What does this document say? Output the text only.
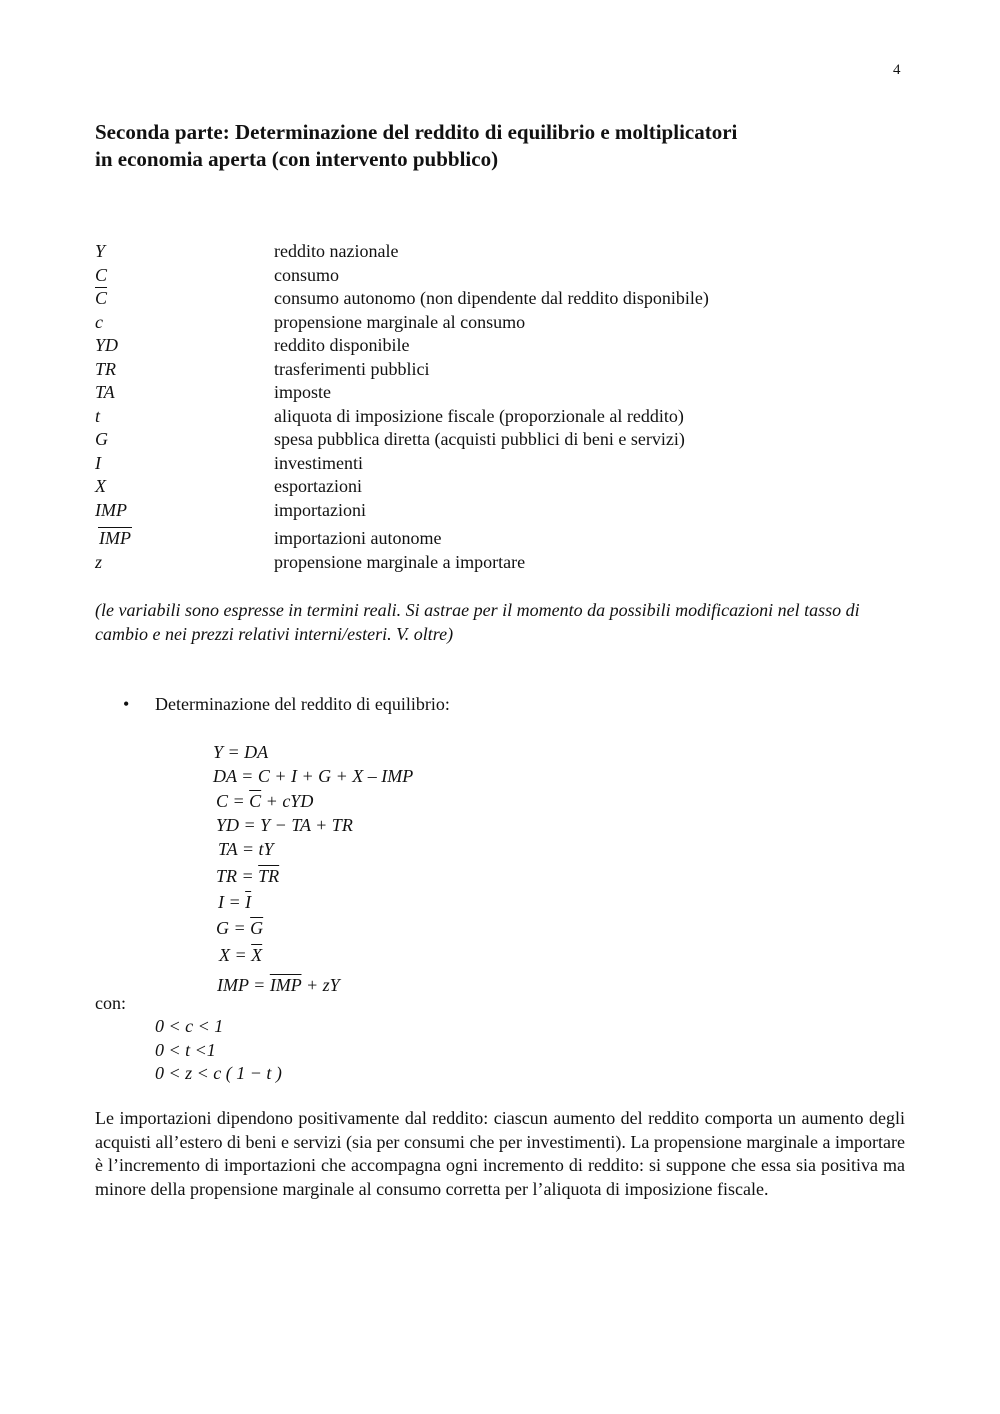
4
Seconda parte: Determinazione del reddito di equilibrio e moltiplicatori
in economia aperta (con intervento pubblico)
Y	reddito nazionale
C	consumo
$\overline{C}$	consumo autonomo (non dipendente dal reddito disponibile)
c	propensione marginale al consumo
YD	reddito disponibile
TR	trasferimenti pubblici
TA	imposte
t	aliquota di imposizione fiscale (proporzionale al reddito)
G	spesa pubblica diretta (acquisti pubblici di beni e servizi)
I	investimenti
X	esportazioni
IMP	importazioni
IMP	importazioni autonome
z	propensione marginale a importare

(le variabili sono espresse in termini reali. Si astrae per il momento da possibili modificazioni nel tasso di cambio e nei prezzi relativi interni/esteri. V. oltre)

• Determinazione del reddito di equilibrio:
Y = DA
DA = C + I + G + X – IMP
$C = \overline{C}$ + cYD
YD = Y − TA + TR
TA = tY
TR = $\overline{TR}$
$I = \overline{I}$
$G = \overline{G}$
$X = \overline{X}$
IMP = $\overline{IMP}$ + zY
con:
0 < c < 1
0 < t <1
0 < z < c ( 1 − t )

Le importazioni dipendono positivamente dal reddito: ciascun aumento del reddito comporta un aumento degli acquisti all’estero di beni e servizi (sia per consumi che per investimenti). La propensione marginale a importare è l’incremento di importazioni che accompagna ogni incremento di reddito: si suppone che essa sia positiva ma minore della propensione marginale al consumo corretta per l’aliquota di imposizione fiscale.
